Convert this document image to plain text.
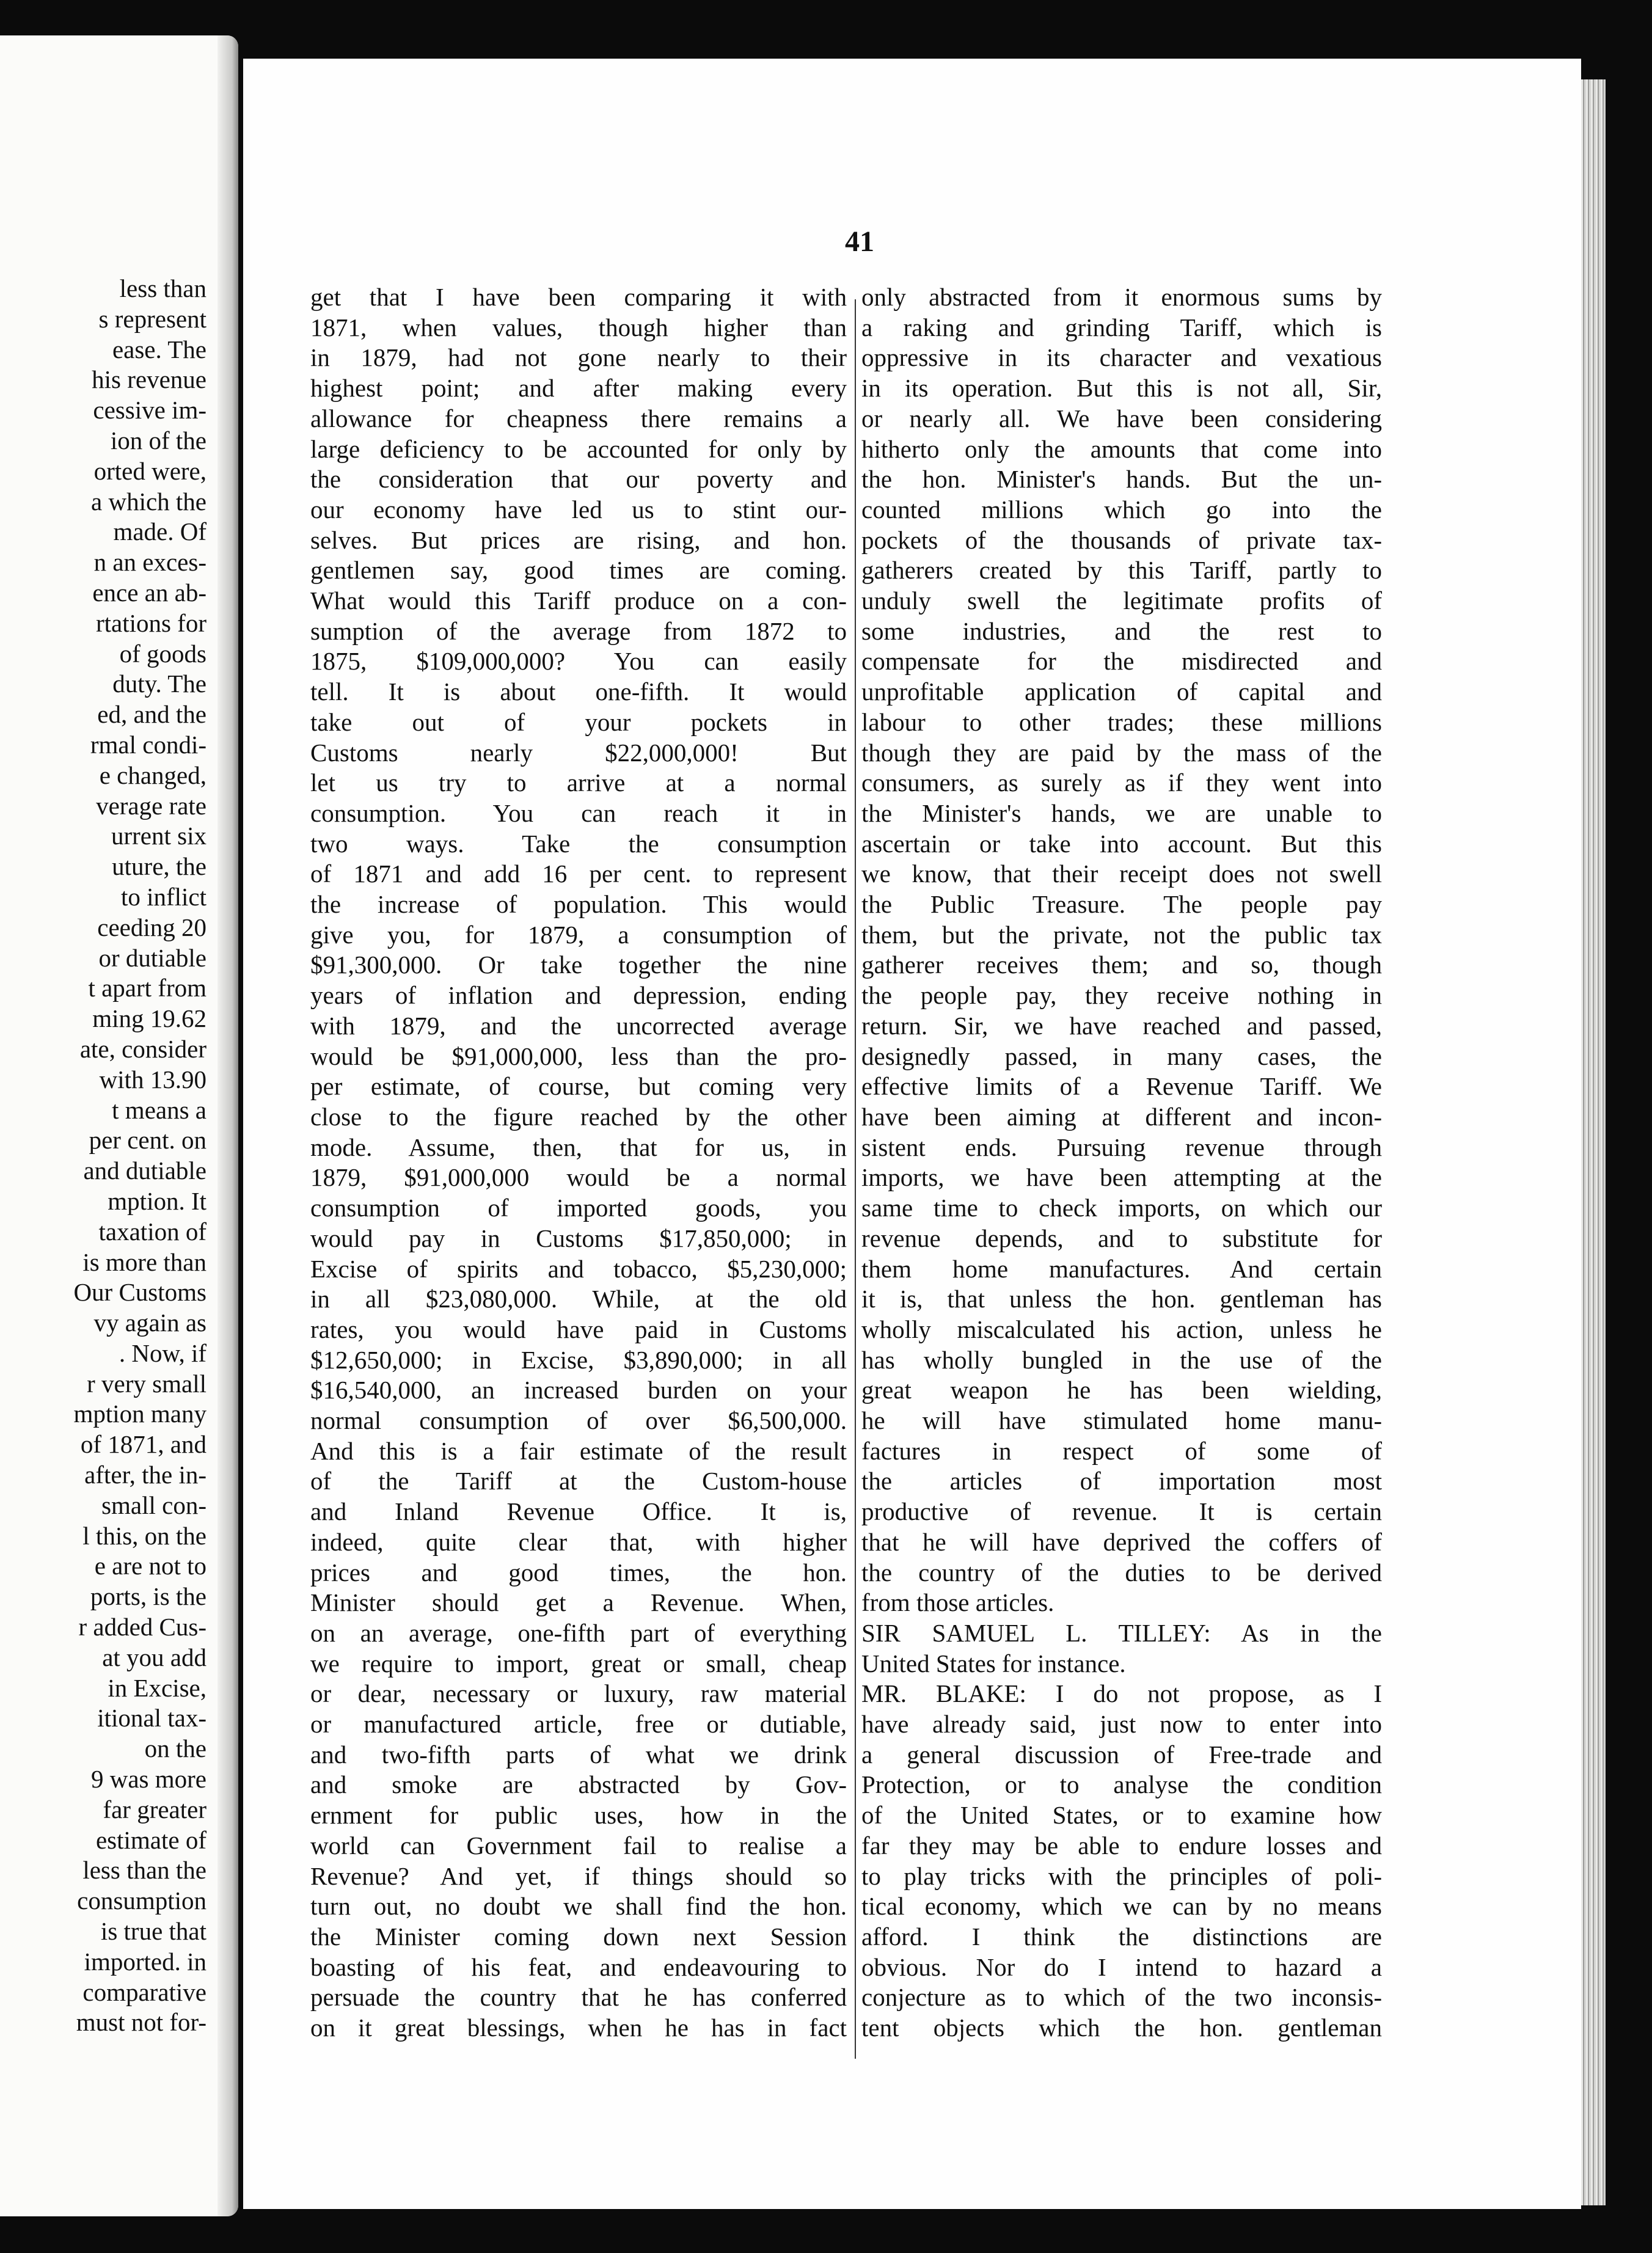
less than
s represent
ease. The
his revenue
cessive im-
ion of the
orted were,
a which the
made. Of
n an exces-
ence an ab-
rtations for
of goods
duty. The
ed, and the
rmal condi-
e changed,
verage rate
urrent six
uture, the
to inflict
ceeding 20
or dutiable
t apart from
ming 19.62
ate, consider
with 13.90
t means a
per cent. on
and dutiable
mption. It
taxation of
is more than
Our Customs
vy again as
. Now, if
r very small
mption many
of 1871, and
after, the in-
small con-
l this, on the
e are not to
ports, is the
r added Cus-
at you add
in Excise,
itional tax-
on the
9 was more
far greater
estimate of
less than the
consumption
is true that
imported. in
comparative
must not for-
41
get that I have been comparing it with
1871, when values, though higher than
in 1879, had not gone nearly to their
highest point; and after making every
allowance for cheapness there remains a
large deficiency to be accounted for only by
the consideration that our poverty and
our economy have led us to stint our-
selves. But prices are rising, and hon.
gentlemen say, good times are coming.
What would this Tariff produce on a con-
sumption of the average from 1872 to
1875, $109,000,000? You can easily
tell. It is about one-fifth. It would
take out of your pockets in
Customs nearly $22,000,000! But
let us try to arrive at a normal
consumption. You can reach it in
two ways. Take the consumption
of 1871 and add 16 per cent. to represent
the increase of population. This would
give you, for 1879, a consumption of
$91,300,000. Or take together the nine
years of inflation and depression, ending
with 1879, and the uncorrected average
would be $91,000,000, less than the pro-
per estimate, of course, but coming very
close to the figure reached by the other
mode. Assume, then, that for us, in
1879, $91,000,000 would be a normal
consumption of imported goods, you
would pay in Customs $17,850,000; in
Excise of spirits and tobacco, $5,230,000;
in all $23,080,000. While, at the old
rates, you would have paid in Customs
$12,650,000; in Excise, $3,890,000; in all
$16,540,000, an increased burden on your
normal consumption of over $6,500,000.
And this is a fair estimate of the result
of the Tariff at the Custom-house
and Inland Revenue Office. It is,
indeed, quite clear that, with higher
prices and good times, the hon.
Minister should get a Revenue. When,
on an average, one-fifth part of everything
we require to import, great or small, cheap
or dear, necessary or luxury, raw material
or manufactured article, free or dutiable,
and two-fifth parts of what we drink
and smoke are abstracted by Gov-
ernment for public uses, how in the
world can Government fail to realise a
Revenue? And yet, if things should so
turn out, no doubt we shall find the hon.
the Minister coming down next Session
boasting of his feat, and endeavouring to
persuade the country that he has conferred
on it great blessings, when he has in fact
only abstracted from it enormous sums by
a raking and grinding Tariff, which is
oppressive in its character and vexatious
in its operation. But this is not all, Sir,
or nearly all. We have been considering
hitherto only the amounts that come into
the hon. Minister's hands. But the un-
counted millions which go into the
pockets of the thousands of private tax-
gatherers created by this Tariff, partly to
unduly swell the legitimate profits of
some industries, and the rest to
compensate for the misdirected and
unprofitable application of capital and
labour to other trades; these millions
though they are paid by the mass of the
consumers, as surely as if they went into
the Minister's hands, we are unable to
ascertain or take into account. But this
we know, that their receipt does not swell
the Public Treasure. The people pay
them, but the private, not the public tax
gatherer receives them; and so, though
the people pay, they receive nothing in
return. Sir, we have reached and passed,
designedly passed, in many cases, the
effective limits of a Revenue Tariff. We
have been aiming at different and incon-
sistent ends. Pursuing revenue through
imports, we have been attempting at the
same time to check imports, on which our
revenue depends, and to substitute for
them home manufactures. And certain
it is, that unless the hon. gentleman has
wholly miscalculated his action, unless he
has wholly bungled in the use of the
great weapon he has been wielding,
he will have stimulated home manu-
factures in respect of some of
the articles of importation most
productive of revenue. It is certain
that he will have deprived the coffers of
the country of the duties to be derived
from those articles.
SIR SAMUEL L. TILLEY: As in the
United States for instance.
MR. BLAKE: I do not propose, as I
have already said, just now to enter into
a general discussion of Free-trade and
Protection, or to analyse the condition
of the United States, or to examine how
far they may be able to endure losses and
to play tricks with the principles of poli-
tical economy, which we can by no means
afford. I think the distinctions are
obvious. Nor do I intend to hazard a
conjecture as to which of the two inconsis-
tent objects which the hon. gentleman
